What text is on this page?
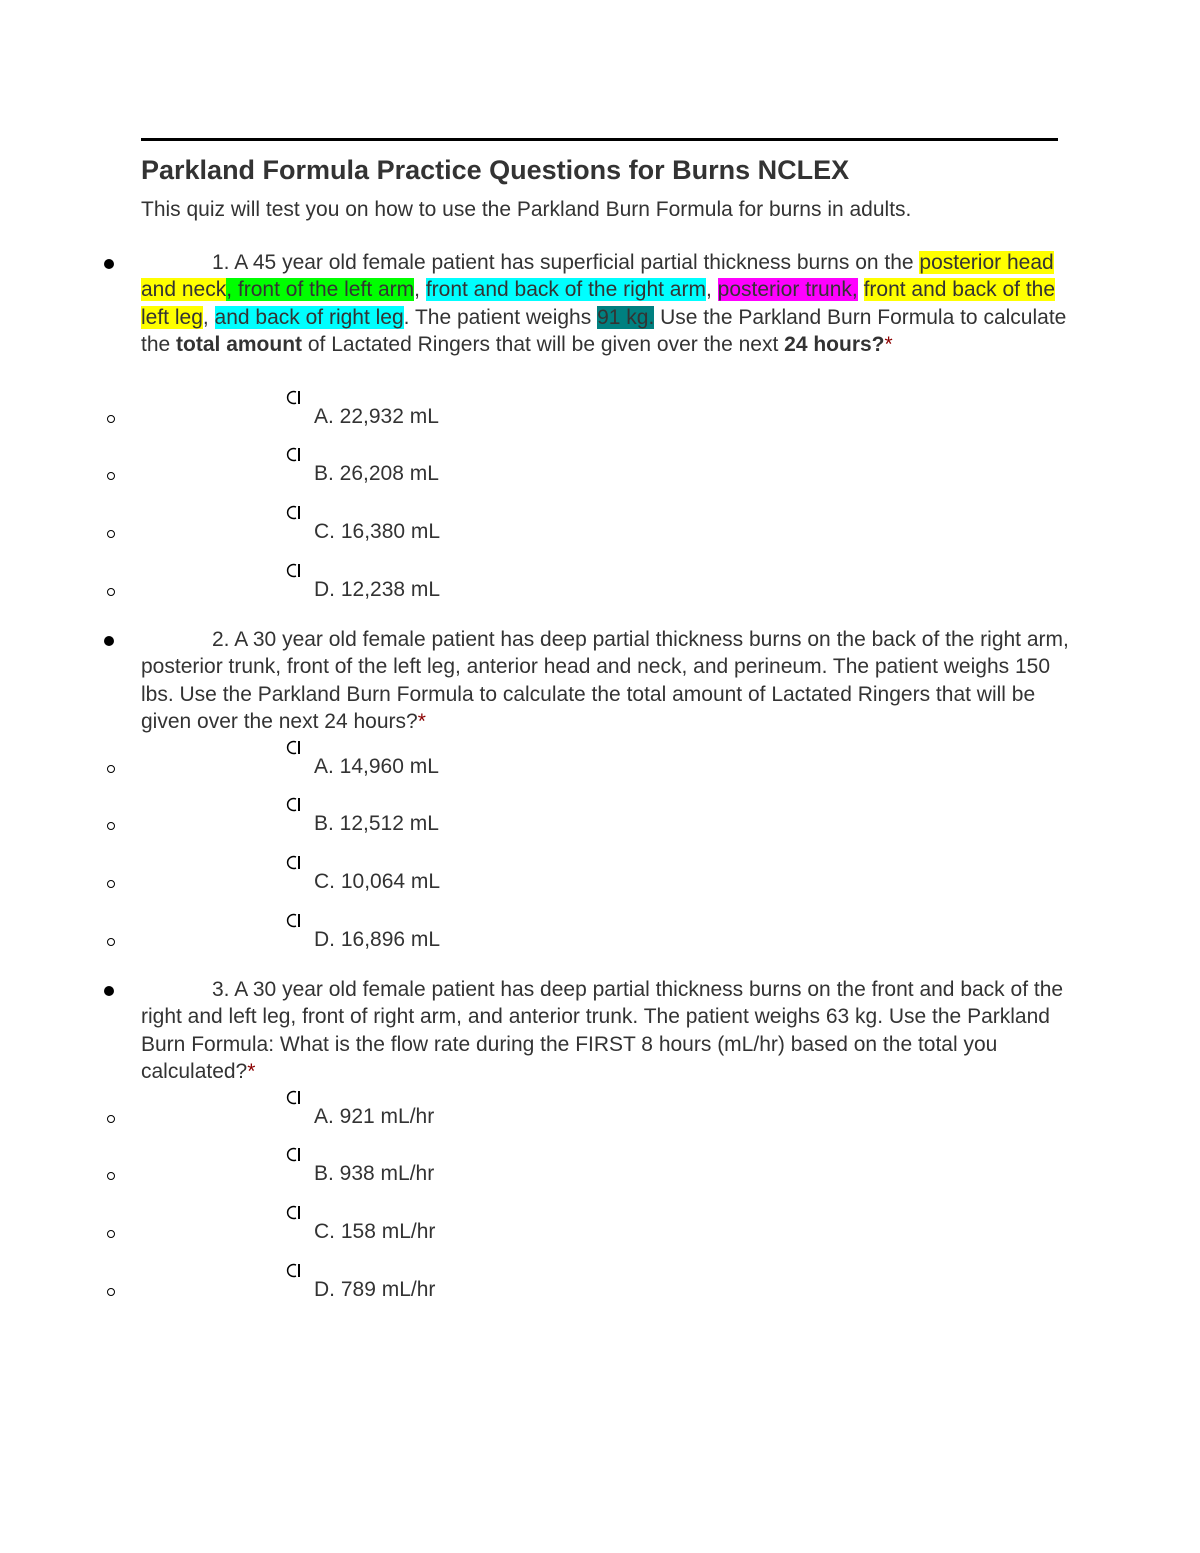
Parkland Formula Practice Questions for Burns NCLEX
This quiz will test you on how to use the Parkland Burn Formula for burns in adults.
1. A 45 year old female patient has superficial partial thickness burns on the posterior head and neck, front of the left arm, front and back of the right arm, posterior trunk, front and back of the left leg, and back of right leg. The patient weighs 91 kg. Use the Parkland Burn Formula to calculate the total amount of Lactated Ringers that will be given over the next 24 hours?*
A. 22,932 mL
B. 26,208 mL
C. 16,380 mL
D. 12,238 mL
2. A 30 year old female patient has deep partial thickness burns on the back of the right arm, posterior trunk, front of the left leg, anterior head and neck, and perineum. The patient weighs 150 lbs. Use the Parkland Burn Formula to calculate the total amount of Lactated Ringers that will be given over the next 24 hours?*
A. 14,960 mL
B. 12,512 mL
C. 10,064 mL
D. 16,896 mL
3. A 30 year old female patient has deep partial thickness burns on the front and back of the right and left leg, front of right arm, and anterior trunk. The patient weighs 63 kg. Use the Parkland Burn Formula: What is the flow rate during the FIRST 8 hours (mL/hr) based on the total you calculated?*
A. 921 mL/hr
B. 938 mL/hr
C. 158 mL/hr
D. 789 mL/hr
